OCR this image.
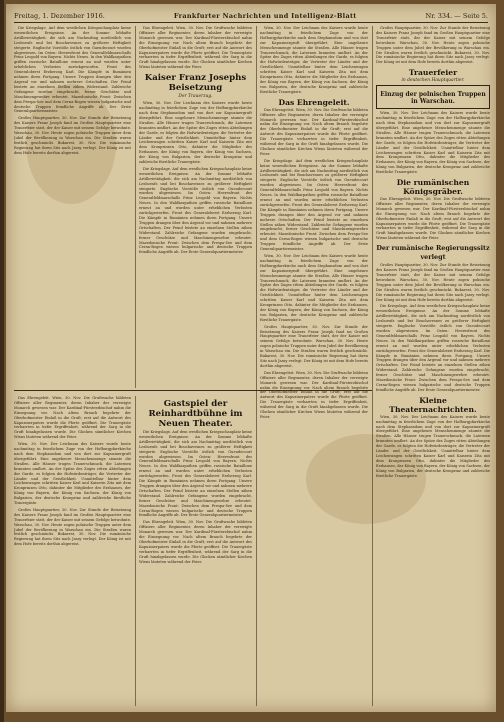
Freitag, 1. Dezember 1916.	Frankfurter Nachrichten und Intelligenz-Blatt	Nr. 334. — Seite 5.

Die Kriegslage. Auf dem westlichen Kriegsschauplatz keine wesentlichen Ereignisse. An der Somme lebhafte Artillerietätigkeit, die sich am Nachmittag nordöstlich von Lesboeufs und bei Bouchavesnes zu größerer Heftigkeit steigerte. Englische Vorstöße östlich von Gueudecourt wurden abgewiesen. Im Osten: Heeresfront des Generalfeldmarschalls Prinz Leopold von Bayern. Nichts Neues. In den Waldkarpathen griffen russische Bataillone erneut an und wurden unter erheblichen Verlusten zurückgeworfen. Front des Generaloberst Erzherzog Karl. Die Kämpfe in Rumänien nehmen ihren Fortgang. Unsere Truppen drangen über den Argesul vor und nahmen mehrere Ortschaften. Der Feind leistete an einzelnen Stellen zähen Widerstand. Zahlreiche Gefangene wurden eingebracht, ferner Geschütze und Maschinengewehre erbeutet. Mazedonische Front: Zwischen dem Prespa-See und dem Cerna-Bogen wiesen bulgarische und deutsche Truppen feindliche Angriffe ab. Der Erste Generalquartiermeister.

Großes Hauptquartier, 30. Nov. Zur Stunde der Beisetzung des Kaisers Franz Joseph fand im Großen Hauptquartier eine Trauerfeier statt, der der Kaiser mit seinem Gefolge beiwohnte. Warschau, 30. Nov. Heute zogen polnische Truppen unter dem Jubel der Bevölkerung in Warschau ein. Die Straßen waren festlich geschmückt. Bukarest, 30. Nov. Die rumänische Regierung hat ihren Sitz nach Jassy verlegt. Der König ist mit dem Hofe bereits dorthin abgereist.

Das Ehrengeleit. Wien, 30. Nov. Die Gruftwache bildeten Offiziere aller Regimenter, deren Inhaber der verewigte Monarch gewesen war. Der Kardinal-Fürsterzbischof nahm die Einsegnung vor. Nach altem Brauch begehrte der Oberhofmeister Einlaß in die Gruft; erst auf die Antwort des Kapuzinerpaters wurde die Pforte geöffnet. Die Trauergäste verharrten in tiefer Ergriffenheit, während der Sarg in die Gruft hinabgelassen wurde. Die Glocken sämtlicher Kirchen Wiens läuteten während der Feier.

Kaiser Franz Josephs Beisetzung
Der Trauerzug.

Wien, 30. Nov. Der Leichnam des Kaisers wurde heute nachmittag in feierlichem Zuge von der Hofburgpfarrkirche nach dem Stephansdom und von dort zur Kapuzinergruft übergeführt. Eine ungeheure Menschenmenge säumte die Straßen. Alle Häuser trugen Trauerschmuck, die Laternen brannten umflort. An der Spitze des Zuges ritten Abteilungen der Garde, es folgten die Hofwürdenträger, die Vertreter der Länder und der Geistlichkeit. Unmittelbar hinter dem Leichenwagen schritten Kaiser Karl und Kaiserin Zita mit dem Kronprinzen Otto, dahinter die Mitglieder des Erzhauses, der König von Bayern, der König von Sachsen, der König von Bulgarien, der deutsche Kronprinz und zahlreiche fürstliche Trauergäste.

Die Kriegslage. Auf dem westlichen Kriegsschauplatz keine wesentlichen Ereignisse. An der Somme lebhafte Artillerietätigkeit, die sich am Nachmittag nordöstlich von Lesboeufs und bei Bouchavesnes zu größerer Heftigkeit steigerte. Englische Vorstöße östlich von Gueudecourt wurden abgewiesen. Im Osten: Heeresfront des Generalfeldmarschalls Prinz Leopold von Bayern. Nichts Neues. In den Waldkarpathen griffen russische Bataillone erneut an und wurden unter erheblichen Verlusten zurückgeworfen. Front des Generaloberst Erzherzog Karl. Die Kämpfe in Rumänien nehmen ihren Fortgang. Unsere Truppen drangen über den Argesul vor und nahmen mehrere Ortschaften. Der Feind leistete an einzelnen Stellen zähen Widerstand. Zahlreiche Gefangene wurden eingebracht, ferner Geschütze und Maschinengewehre erbeutet. Mazedonische Front: Zwischen dem Prespa-See und dem Cerna-Bogen wiesen bulgarische und deutsche Truppen feindliche Angriffe ab. Der Erste Generalquartiermeister.

Wien, 30. Nov. Der Leichnam des Kaisers wurde heute nachmittag in feierlichem Zuge von der Hofburgpfarrkirche nach dem Stephansdom und von dort zur Kapuzinergruft übergeführt. Eine ungeheure Menschenmenge säumte die Straßen. Alle Häuser trugen Trauerschmuck, die Laternen brannten umflort. An der Spitze des Zuges ritten Abteilungen der Garde, es folgten die Hofwürdenträger, die Vertreter der Länder und der Geistlichkeit. Unmittelbar hinter dem Leichenwagen schritten Kaiser Karl und Kaiserin Zita mit dem Kronprinzen Otto, dahinter die Mitglieder des Erzhauses, der König von Bayern, der König von Sachsen, der König von Bulgarien, der deutsche Kronprinz und zahlreiche fürstliche Trauergäste.

Das Ehrengeleit.

Das Ehrengeleit. Wien, 30. Nov. Die Gruftwache bildeten Offiziere aller Regimenter, deren Inhaber der verewigte Monarch gewesen war. Der Kardinal-Fürsterzbischof nahm die Einsegnung vor. Nach altem Brauch begehrte der Oberhofmeister Einlaß in die Gruft; erst auf die Antwort des Kapuzinerpaters wurde die Pforte geöffnet. Die Trauergäste verharrten in tiefer Ergriffenheit, während der Sarg in die Gruft hinabgelassen wurde. Die Glocken sämtlicher Kirchen Wiens läuteten während der Feier.

Die Kriegslage. Auf dem westlichen Kriegsschauplatz keine wesentlichen Ereignisse. An der Somme lebhafte Artillerietätigkeit, die sich am Nachmittag nordöstlich von Lesboeufs und bei Bouchavesnes zu größerer Heftigkeit steigerte. Englische Vorstöße östlich von Gueudecourt wurden abgewiesen. Im Osten: Heeresfront des Generalfeldmarschalls Prinz Leopold von Bayern. Nichts Neues. In den Waldkarpathen griffen russische Bataillone erneut an und wurden unter erheblichen Verlusten zurückgeworfen. Front des Generaloberst Erzherzog Karl. Die Kämpfe in Rumänien nehmen ihren Fortgang. Unsere Truppen drangen über den Argesul vor und nahmen mehrere Ortschaften. Der Feind leistete an einzelnen Stellen zähen Widerstand. Zahlreiche Gefangene wurden eingebracht, ferner Geschütze und Maschinengewehre erbeutet. Mazedonische Front: Zwischen dem Prespa-See und dem Cerna-Bogen wiesen bulgarische und deutsche Truppen feindliche Angriffe ab. Der Erste Generalquartiermeister.

Wien, 30. Nov. Der Leichnam des Kaisers wurde heute nachmittag in feierlichem Zuge von der Hofburgpfarrkirche nach dem Stephansdom und von dort zur Kapuzinergruft übergeführt. Eine ungeheure Menschenmenge säumte die Straßen. Alle Häuser trugen Trauerschmuck, die Laternen brannten umflort. An der Spitze des Zuges ritten Abteilungen der Garde, es folgten die Hofwürdenträger, die Vertreter der Länder und der Geistlichkeit. Unmittelbar hinter dem Leichenwagen schritten Kaiser Karl und Kaiserin Zita mit dem Kronprinzen Otto, dahinter die Mitglieder des Erzhauses, der König von Bayern, der König von Sachsen, der König von Bulgarien, der deutsche Kronprinz und zahlreiche fürstliche Trauergäste.

Großes Hauptquartier, 30. Nov. Zur Stunde der Beisetzung des Kaisers Franz Joseph fand im Großen Hauptquartier eine Trauerfeier statt, der der Kaiser mit seinem Gefolge beiwohnte. Warschau, 30. Nov. Heute zogen polnische Truppen unter dem Jubel der Bevölkerung in Warschau ein. Die Straßen waren festlich geschmückt. Bukarest, 30. Nov. Die rumänische Regierung hat ihren Sitz nach Jassy verlegt. Der König ist mit dem Hofe bereits dorthin abgereist.

Das Ehrengeleit. Wien, 30. Nov. Die Gruftwache bildeten Offiziere aller Regimenter, deren Inhaber der verewigte Monarch gewesen war. Der Kardinal-Fürsterzbischof nahm die Einsegnung vor. Nach altem Brauch begehrte der Oberhofmeister Einlaß in die Gruft; erst auf die Antwort des Kapuzinerpaters wurde die Pforte geöffnet. Die Trauergäste verharrten in tiefer Ergriffenheit, während der Sarg in die Gruft hinabgelassen wurde. Die Glocken sämtlicher Kirchen Wiens läuteten während der Feier.

Großes Hauptquartier, 30. Nov. Zur Stunde der Beisetzung des Kaisers Franz Joseph fand im Großen Hauptquartier eine Trauerfeier statt, der der Kaiser mit seinem Gefolge beiwohnte. Warschau, 30. Nov. Heute zogen polnische Truppen unter dem Jubel der Bevölkerung in Warschau ein. Die Straßen waren festlich geschmückt. Bukarest, 30. Nov. Die rumänische Regierung hat ihren Sitz nach Jassy verlegt. Der König ist mit dem Hofe bereits dorthin abgereist.

Trauerfeier
in deutschen Hauptquartier.
Einzug der polnischen Truppen in Warschau.

Wien, 30. Nov. Der Leichnam des Kaisers wurde heute nachmittag in feierlichem Zuge von der Hofburgpfarrkirche nach dem Stephansdom und von dort zur Kapuzinergruft übergeführt. Eine ungeheure Menschenmenge säumte die Straßen. Alle Häuser trugen Trauerschmuck, die Laternen brannten umflort. An der Spitze des Zuges ritten Abteilungen der Garde, es folgten die Hofwürdenträger, die Vertreter der Länder und der Geistlichkeit. Unmittelbar hinter dem Leichenwagen schritten Kaiser Karl und Kaiserin Zita mit dem Kronprinzen Otto, dahinter die Mitglieder des Erzhauses, der König von Bayern, der König von Sachsen, der König von Bulgarien, der deutsche Kronprinz und zahlreiche fürstliche Trauergäste.

Die rumänischen Königsgräber.

Das Ehrengeleit. Wien, 30. Nov. Die Gruftwache bildeten Offiziere aller Regimenter, deren Inhaber der verewigte Monarch gewesen war. Der Kardinal-Fürsterzbischof nahm die Einsegnung vor. Nach altem Brauch begehrte der Oberhofmeister Einlaß in die Gruft; erst auf die Antwort des Kapuzinerpaters wurde die Pforte geöffnet. Die Trauergäste verharrten in tiefer Ergriffenheit, während der Sarg in die Gruft hinabgelassen wurde. Die Glocken sämtlicher Kirchen Wiens läuteten während der Feier.

Der rumänische Regierungssitz verlegt

Großes Hauptquartier, 30. Nov. Zur Stunde der Beisetzung des Kaisers Franz Joseph fand im Großen Hauptquartier eine Trauerfeier statt, der der Kaiser mit seinem Gefolge beiwohnte. Warschau, 30. Nov. Heute zogen polnische Truppen unter dem Jubel der Bevölkerung in Warschau ein. Die Straßen waren festlich geschmückt. Bukarest, 30. Nov. Die rumänische Regierung hat ihren Sitz nach Jassy verlegt. Der König ist mit dem Hofe bereits dorthin abgereist.

Die Kriegslage. Auf dem westlichen Kriegsschauplatz keine wesentlichen Ereignisse. An der Somme lebhafte Artillerietätigkeit, die sich am Nachmittag nordöstlich von Lesboeufs und bei Bouchavesnes zu größerer Heftigkeit steigerte. Englische Vorstöße östlich von Gueudecourt wurden abgewiesen. Im Osten: Heeresfront des Generalfeldmarschalls Prinz Leopold von Bayern. Nichts Neues. In den Waldkarpathen griffen russische Bataillone erneut an und wurden unter erheblichen Verlusten zurückgeworfen. Front des Generaloberst Erzherzog Karl. Die Kämpfe in Rumänien nehmen ihren Fortgang. Unsere Truppen drangen über den Argesul vor und nahmen mehrere Ortschaften. Der Feind leistete an einzelnen Stellen zähen Widerstand. Zahlreiche Gefangene wurden eingebracht, ferner Geschütze und Maschinengewehre erbeutet. Mazedonische Front: Zwischen dem Prespa-See und dem Cerna-Bogen wiesen bulgarische und deutsche Truppen feindliche Angriffe ab. Der Erste Generalquartiermeister.

Kleine Theaternachrichten.

Wien, 30. Nov. Der Leichnam des Kaisers wurde heute nachmittag in feierlichem Zuge von der Hofburgpfarrkirche nach dem Stephansdom und von dort zur Kapuzinergruft übergeführt. Eine ungeheure Menschenmenge säumte die Straßen. Alle Häuser trugen Trauerschmuck, die Laternen brannten umflort. An der Spitze des Zuges ritten Abteilungen der Garde, es folgten die Hofwürdenträger, die Vertreter der Länder und der Geistlichkeit. Unmittelbar hinter dem Leichenwagen schritten Kaiser Karl und Kaiserin Zita mit dem Kronprinzen Otto, dahinter die Mitglieder des Erzhauses, der König von Bayern, der König von Sachsen, der König von Bulgarien, der deutsche Kronprinz und zahlreiche fürstliche Trauergäste.

Das Ehrengeleit. Wien, 30. Nov. Die Gruftwache bildeten Offiziere aller Regimenter, deren Inhaber der verewigte Monarch gewesen war. Der Kardinal-Fürsterzbischof nahm die Einsegnung vor. Nach altem Brauch begehrte der Oberhofmeister Einlaß in die Gruft; erst auf die Antwort des Kapuzinerpaters wurde die Pforte geöffnet. Die Trauergäste verharrten in tiefer Ergriffenheit, während der Sarg in die Gruft hinabgelassen wurde. Die Glocken sämtlicher Kirchen Wiens läuteten während der Feier.

Wien, 30. Nov. Der Leichnam des Kaisers wurde heute nachmittag in feierlichem Zuge von der Hofburgpfarrkirche nach dem Stephansdom und von dort zur Kapuzinergruft übergeführt. Eine ungeheure Menschenmenge säumte die Straßen. Alle Häuser trugen Trauerschmuck, die Laternen brannten umflort. An der Spitze des Zuges ritten Abteilungen der Garde, es folgten die Hofwürdenträger, die Vertreter der Länder und der Geistlichkeit. Unmittelbar hinter dem Leichenwagen schritten Kaiser Karl und Kaiserin Zita mit dem Kronprinzen Otto, dahinter die Mitglieder des Erzhauses, der König von Bayern, der König von Sachsen, der König von Bulgarien, der deutsche Kronprinz und zahlreiche fürstliche Trauergäste.

Großes Hauptquartier, 30. Nov. Zur Stunde der Beisetzung des Kaisers Franz Joseph fand im Großen Hauptquartier eine Trauerfeier statt, der der Kaiser mit seinem Gefolge beiwohnte. Warschau, 30. Nov. Heute zogen polnische Truppen unter dem Jubel der Bevölkerung in Warschau ein. Die Straßen waren festlich geschmückt. Bukarest, 30. Nov. Die rumänische Regierung hat ihren Sitz nach Jassy verlegt. Der König ist mit dem Hofe bereits dorthin abgereist.

Gastspiel der Reinhardtbühne im Neuen Theater.

Die Kriegslage. Auf dem westlichen Kriegsschauplatz keine wesentlichen Ereignisse. An der Somme lebhafte Artillerietätigkeit, die sich am Nachmittag nordöstlich von Lesboeufs und bei Bouchavesnes zu größerer Heftigkeit steigerte. Englische Vorstöße östlich von Gueudecourt wurden abgewiesen. Im Osten: Heeresfront des Generalfeldmarschalls Prinz Leopold von Bayern. Nichts Neues. In den Waldkarpathen griffen russische Bataillone erneut an und wurden unter erheblichen Verlusten zurückgeworfen. Front des Generaloberst Erzherzog Karl. Die Kämpfe in Rumänien nehmen ihren Fortgang. Unsere Truppen drangen über den Argesul vor und nahmen mehrere Ortschaften. Der Feind leistete an einzelnen Stellen zähen Widerstand. Zahlreiche Gefangene wurden eingebracht, ferner Geschütze und Maschinengewehre erbeutet. Mazedonische Front: Zwischen dem Prespa-See und dem Cerna-Bogen wiesen bulgarische und deutsche Truppen feindliche Angriffe ab. Der Erste Generalquartiermeister.

Das Ehrengeleit. Wien, 30. Nov. Die Gruftwache bildeten Offiziere aller Regimenter, deren Inhaber der verewigte Monarch gewesen war. Der Kardinal-Fürsterzbischof nahm die Einsegnung vor. Nach altem Brauch begehrte der Oberhofmeister Einlaß in die Gruft; erst auf die Antwort des Kapuzinerpaters wurde die Pforte geöffnet. Die Trauergäste verharrten in tiefer Ergriffenheit, während der Sarg in die Gruft hinabgelassen wurde. Die Glocken sämtlicher Kirchen Wiens läuteten während der Feier.
